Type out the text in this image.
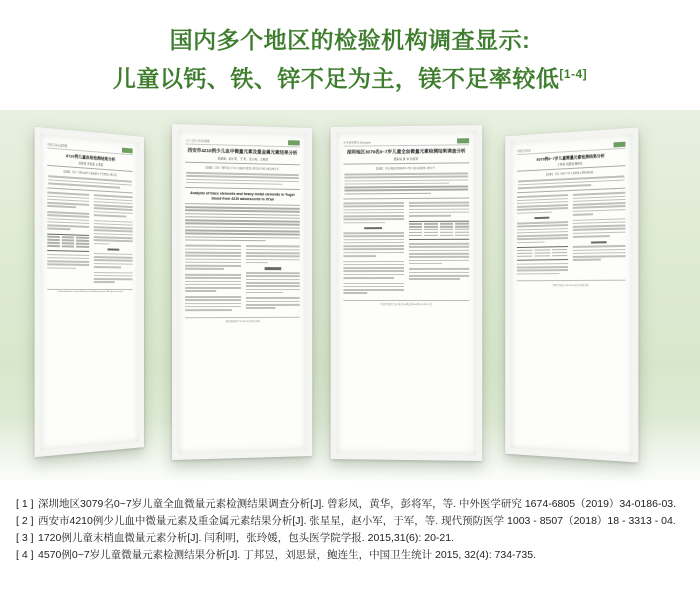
国内多个地区的检验机构调查显示:
儿童以钙、铁、锌不足为主，镁不足率较低[1-4]
中国卫生标准管理
8720例儿童血铅检测结果分析
张某某 李某某 王某某
【摘要】 目的 了解本地区儿童血铅水平及微量元素状况。
China Academic Journal Electronic Publishing House. All rights reserved.
·儿少卫生与妇幼保健·
西安市4210例少儿血中微量元素及重金属元素结果分析
张星星，赵小军，于 军，宋小英，王利萍
【摘要】 目的 了解西安市少年儿童血中微量元素及重金属元素含量水平。
Analysis of trace elements and heavy metal elements in Yuger blood from 4210 adolescents in Xi'an
现代预防医学 2018年第45卷第18期
中外医学研究 Zhongwai
深圳地区3079名0~7岁儿童全血微量元素检测结果调查分析
曾彩凤 黄 华 彭将军
【摘要】 目的 调查深圳地区0~7岁儿童全血微量元素水平。
中外医学研究 第17卷 第34期(总第434期) 2019年12月
中国卫生统计
4570例0~7岁儿童微量元素检测结果分析
丁邦昱 刘思景 鲍连生
【摘要】 目的 分析0~7岁儿童微量元素检测结果。
中国卫生统计 2015年10月第32卷第4期
[ 1 ] 深圳地区3079名0~7岁儿童全血微量元素检测结果调查分析[J]. 曾彩凤，黄华，彭将军，等. 中外医学研究 1674-6805（2019）34-0186-03.
[ 2 ] 西安市4210例少儿血中微量元素及重金属元素结果分析[J]. 张星星，赵小军，于军，等. 现代预防医学 1003 - 8507（2018）18 - 3313 - 04.
[ 3 ] 1720例儿童末梢血微量元素分析[J]. 闫利明，张玲媛，包头医学院学报. 2015,31(6): 20-21.
[ 4 ] 4570例0~7岁儿童微量元素检测结果分析[J]. 丁邦昱，刘思景，鲍连生，中国卫生统计 2015, 32(4): 734-735.
